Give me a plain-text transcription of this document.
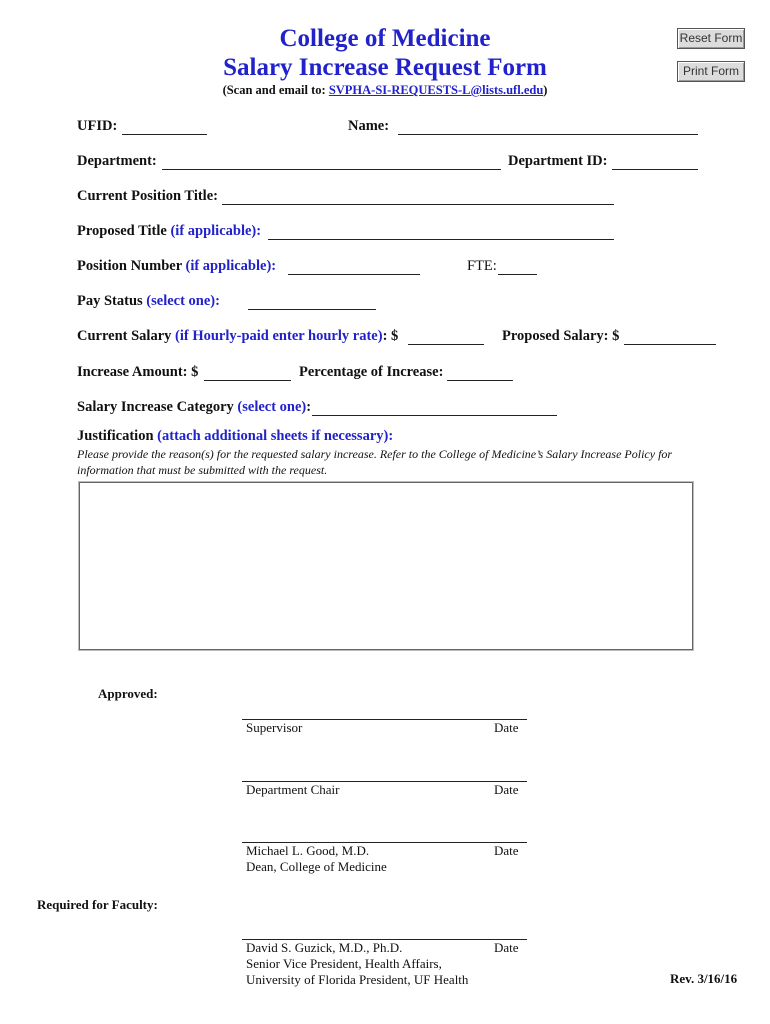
College of Medicine
Salary Increase Request Form
(Scan and email to: SVPHA-SI-REQUESTS-L@lists.ufl.edu)
Reset Form
Print Form
UFID:	Name:
Department:	Department ID:
Current Position Title:
Proposed Title (if applicable):
Position Number (if applicable):	FTE:
Pay Status (select one):
Current Salary (if Hourly-paid enter hourly rate): $	Proposed Salary: $
Increase Amount: $	Percentage of Increase:
Salary Increase Category (select one):
Justification (attach additional sheets if necessary):
Please provide the reason(s) for the requested salary increase. Refer to the College of Medicine’s Salary Increase Policy for
information that must be submitted with the request.
Approved:
Supervisor	Date
Department Chair	Date
Michael L. Good, M.D.
Dean, College of Medicine
Date
Required for Faculty:
David S. Guzick, M.D., Ph.D.
Senior Vice President, Health Affairs,
University of Florida President, UF Health
Date
Rev. 3/16/16
